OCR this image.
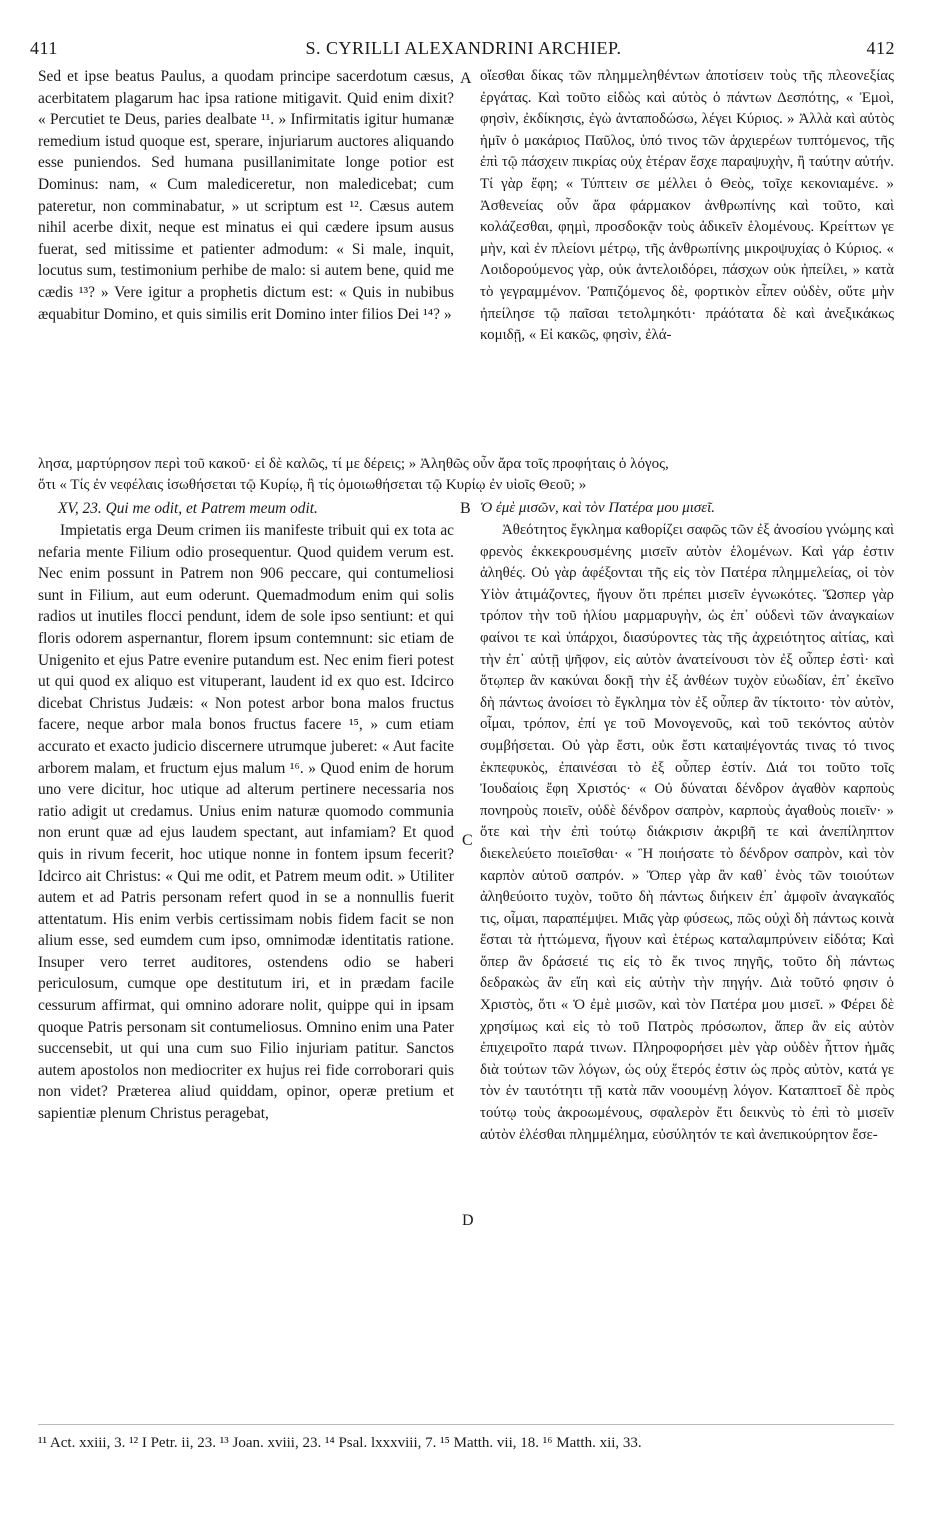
411	S. CYRILLI ALEXANDRINI ARCHIEP.	412

Sed et ipse beatus Paulus, a quodam principe sacerdotum cæsus, acerbitatem plagarum hac ipsa ratione mitigavit. Quid enim dixit? « Percutiet te Deus, paries dealbate ¹¹. » Infirmitatis igitur humanæ remedium istud quoque est, sperare, injuriarum auctores aliquando esse puniendos. Sed humana pusillanimitate longe potior est Dominus: nam, « Cum malediceretur, non maledicebat; cum pateretur, non comminabatur, » ut scriptum est ¹². Cæsus autem nihil acerbe dixit, neque est minatus ei qui cædere ipsum ausus fuerat, sed mitissime et patienter admodum: « Si male, inquit, locutus sum, testimonium perhibe de malo: si autem bene, quid me cædis ¹³? » Vere igitur a prophetis dictum est: « Quis in nubibus æquabitur Domino, et quis similis erit Domino inter filios Dei ¹⁴? »

A οἴεσθαι δίκας τῶν πλημμεληθέντων ἀποτίσειν τοὺς τῆς πλεονεξίας ἐργάτας. Καὶ τοῦτο εἰδὼς καὶ αὐτὸς ὁ πάντων Δεσπότης, « Ἐμοὶ, φησὶν, ἐκδίκησις, ἐγὼ ἀνταποδώσω, λέγει Κύριος. » Ἀλλὰ καὶ αὐτὸς ἡμῖν ὁ μακάριος Παῦλος, ὑπό τινος τῶν ἀρχιερέων τυπτόμενος, τῆς ἐπὶ τῷ πάσχειν πικρίας οὐχ ἑτέραν ἔσχε παραψυχὴν, ἢ ταύτην αὐτήν. Τί γὰρ ἔφη; « Τύπτειν σε μέλλει ὁ Θεὸς, τοῖχε κεκονιαμένε. » Ἀσθενείας οὖν ἄρα φάρμακον ἀνθρωπίνης καὶ τοῦτο, καὶ κολάζεσθαι, φημὶ, προσδοκᾷν τοὺς ἀδικεῖν ἑλομένους. Κρείττων γε μὴν, καὶ ἐν πλείονι μέτρῳ, τῆς ἀνθρωπίνης μικροψυχίας ὁ Κύριος. « Λοιδορούμενος γὰρ, οὐκ ἀντελοιδόρει, πάσχων οὐκ ἠπείλει, » κατὰ τὸ γεγραμμένον. Ῥαπιζόμενος δὲ, φορτικὸν εἶπεν οὐδὲν, οὔτε μὴν ἠπείλησε τῷ παῖσαι τετολμηκότι· πράότατα δὲ καὶ ἀνεξικάκως κομιδῇ, « Εἰ κακῶς, φησὶν, ἐλά-

λησα, μαρτύρησον περὶ τοῦ κακοῦ· εἰ δὲ καλῶς, τί με δέρεις; » Ἀληθῶς οὖν ἄρα τοῖς προφήταις ὁ λόγος,
ὅτι « Τίς ἐν νεφέλαις ἰσωθήσεται τῷ Κυρίῳ, ἢ τίς ὁμοιωθήσεται τῷ Κυρίῳ ἐν υἱοῖς Θεοῦ; »

XV, 23. Qui me odit, et Patrem meum odit.	B Ὁ ἐμὲ μισῶν, καὶ τὸν Πατέρα μου μισεῖ.

Impietatis erga Deum crimen iis manifeste tribuit qui ex tota ac nefaria mente Filium odio prosequentur. Quod quidem verum est. Nec enim possunt in Patrem non 906 peccare, qui contumeliosi sunt in Filium, aut eum oderunt. Quemadmodum enim qui solis radios ut inutiles flocci pendunt, idem de sole ipso sentiunt: et qui floris odorem aspernantur, florem ipsum contemnunt: sic etiam de Unigenito et ejus Patre evenire putandum est. Nec enim fieri potest ut qui quod ex aliquo est vituperant, laudent id ex quo est. Idcirco dicebat Christus Judæis: « Non potest arbor bona malos fructus facere, neque arbor mala bonos fructus facere ¹⁵, » cum etiam accurato et exacto judicio discernere utrumque juberet: « Aut facite arborem malam, et fructum ejus malum ¹⁶. » Quod enim de horum uno vere dicitur, hoc utique ad alterum pertinere necessaria nos ratio adigit ut credamus. Unius enim naturæ quomodo communia non erunt quæ ad ejus laudem spectant, aut infamiam? Et quod quis in rivum fecerit, hoc utique nonne in fontem ipsum fecerit? Idcirco ait Christus: « Qui me odit, et Patrem meum odit. » Utiliter autem et ad Patris personam refert quod in se a nonnullis fuerit attentatum. His enim verbis certissimam nobis fidem facit se non alium esse, sed eumdem cum ipso, omnimodæ identitatis ratione. Insuper vero terret auditores, ostendens odio se haberi periculosum, cumque ope destitutum iri, et in prædam facile cessurum affirmat, qui omnino adorare nolit, quippe qui in ipsam quoque Patris personam sit contumeliosus. Omnino enim una Pater succensebit, ut qui una cum suo Filio injuriam patitur. Sanctos autem apostolos non mediocriter ex hujus rei fide corroborari quis non videt? Præterea aliud quiddam, opinor, operæ pretium et sapientiæ plenum Christus peragebat,

C
D

Ἀθεότητος ἔγκλημα καθορίζει σαφῶς τῶν ἐξ ἀνοσίου γνώμης καὶ φρενὸς ἐκκεκρουσμένης μισεῖν αὐτὸν ἑλομένων. Καὶ γάρ ἐστιν ἀληθές. Οὐ γὰρ ἀφέξονται τῆς εἰς τὸν Πατέρα πλημμελείας, οἱ τὸν Υἱὸν ἀτιμάζοντες, ἤγουν ὅτι πρέπει μισεῖν ἐγνωκότες. Ὥσπερ γὰρ τρόπον τὴν τοῦ ἡλίου μαρμαρυγὴν, ὡς ἐπ᾽ οὐδενὶ τῶν ἀναγκαίων φαίνοι τε καὶ ὑπάρχοι, διασύροντες τὰς τῆς ἀχρειότητος αἰτίας, καὶ τὴν ἐπ᾽ αὐτῇ ψῆφον, εἰς αὐτὸν ἀνατείνουσι τὸν ἐξ οὗπερ ἐστὶ· καὶ ὅτῳπερ ἂν κακύναι δοκῇ τὴν ἐξ ἀνθέων τυχὸν εὐωδίαν, ἐπ᾽ ἐκεῖνο δὴ πάντως ἀνοίσει τὸ ἔγκλημα τὸν ἐξ οὗπερ ἂν τίκτοιτο· τὸν αὐτὸν, οἶμαι, τρόπον, ἐπί γε τοῦ Μονογενοῦς, καὶ τοῦ τεκόντος αὐτὸν συμβήσεται. Οὐ γὰρ ἔστι, οὐκ ἔστι καταψέγοντάς τινας τό τινος ἐκπεφυκὸς, ἐπαινέσαι τὸ ἐξ οὗπερ ἐστίν. Διά τοι τοῦτο τοῖς Ἰουδαίοις ἔφη Χριστός· « Οὐ δύναται δένδρον ἀγαθὸν καρποὺς πονηροὺς ποιεῖν, οὐδὲ δένδρον σαπρὸν, καρποὺς ἀγαθοὺς ποιεῖν· » ὅτε καὶ τὴν ἐπὶ τούτῳ διάκρισιν ἀκριβῆ τε καὶ ἀνεπίληπτον διεκελεύετο ποιεῖσθαι· « Ἢ ποιήσατε τὸ δένδρον σαπρὸν, καὶ τὸν καρπὸν αὐτοῦ σαπρόν. » Ὅπερ γὰρ ἂν καθ᾽ ἑνὸς τῶν τοιούτων ἀληθεύοιτο τυχὸν, τοῦτο δὴ πάντως διήκειν ἐπ᾽ ἀμφοῖν ἀναγκαῖός τις, οἶμαι, παραπέμψει. Μιᾶς γὰρ φύσεως, πῶς οὐχὶ δὴ πάντως κοινὰ ἔσται τὰ ἡττώμενα, ἤγουν καὶ ἑτέρως καταλαμπρύνειν εἰδότα; Καὶ ὅπερ ἂν δράσειέ τις εἰς τὸ ἔκ τινος πηγῆς, τοῦτο δὴ πάντως δεδρακὼς ἂν εἴη καὶ εἰς αὐτὴν τὴν πηγήν. Διὰ τοῦτό φησιν ὁ Χριστὸς, ὅτι « Ὁ ἐμὲ μισῶν, καὶ τὸν Πατέρα μου μισεῖ. » Φέρει δὲ χρησίμως καὶ εἰς τὸ τοῦ Πατρὸς πρόσωπον, ἅπερ ἂν εἰς αὐτὸν ἐπιχειροῖτο παρά τινων. Πληροφορήσει μὲν γὰρ οὐδὲν ἧττον ἡμᾶς διὰ τούτων τῶν λόγων, ὡς οὐχ ἕτερός ἐστιν ὡς πρὸς αὐτὸν, κατά γε τὸν ἐν ταυτότητι τῇ κατὰ πᾶν νοουμένῃ λόγον. Καταπτοεῖ δὲ πρὸς τούτῳ τοὺς ἀκροωμένους, σφαλερὸν ἔτι δεικνὺς τὸ ἐπὶ τὸ μισεῖν αὐτὸν ἐλέσθαι πλημμέλημα, εὐσύλητόν τε καὶ ἀνεπικούρητον ἔσε-

¹¹ Act. xxiii, 3. ¹² I Petr. ii, 23. ¹³ Joan. xviii, 23. ¹⁴ Psal. lxxxviii, 7. ¹⁵ Matth. vii, 18. ¹⁶ Matth. xii, 33.
